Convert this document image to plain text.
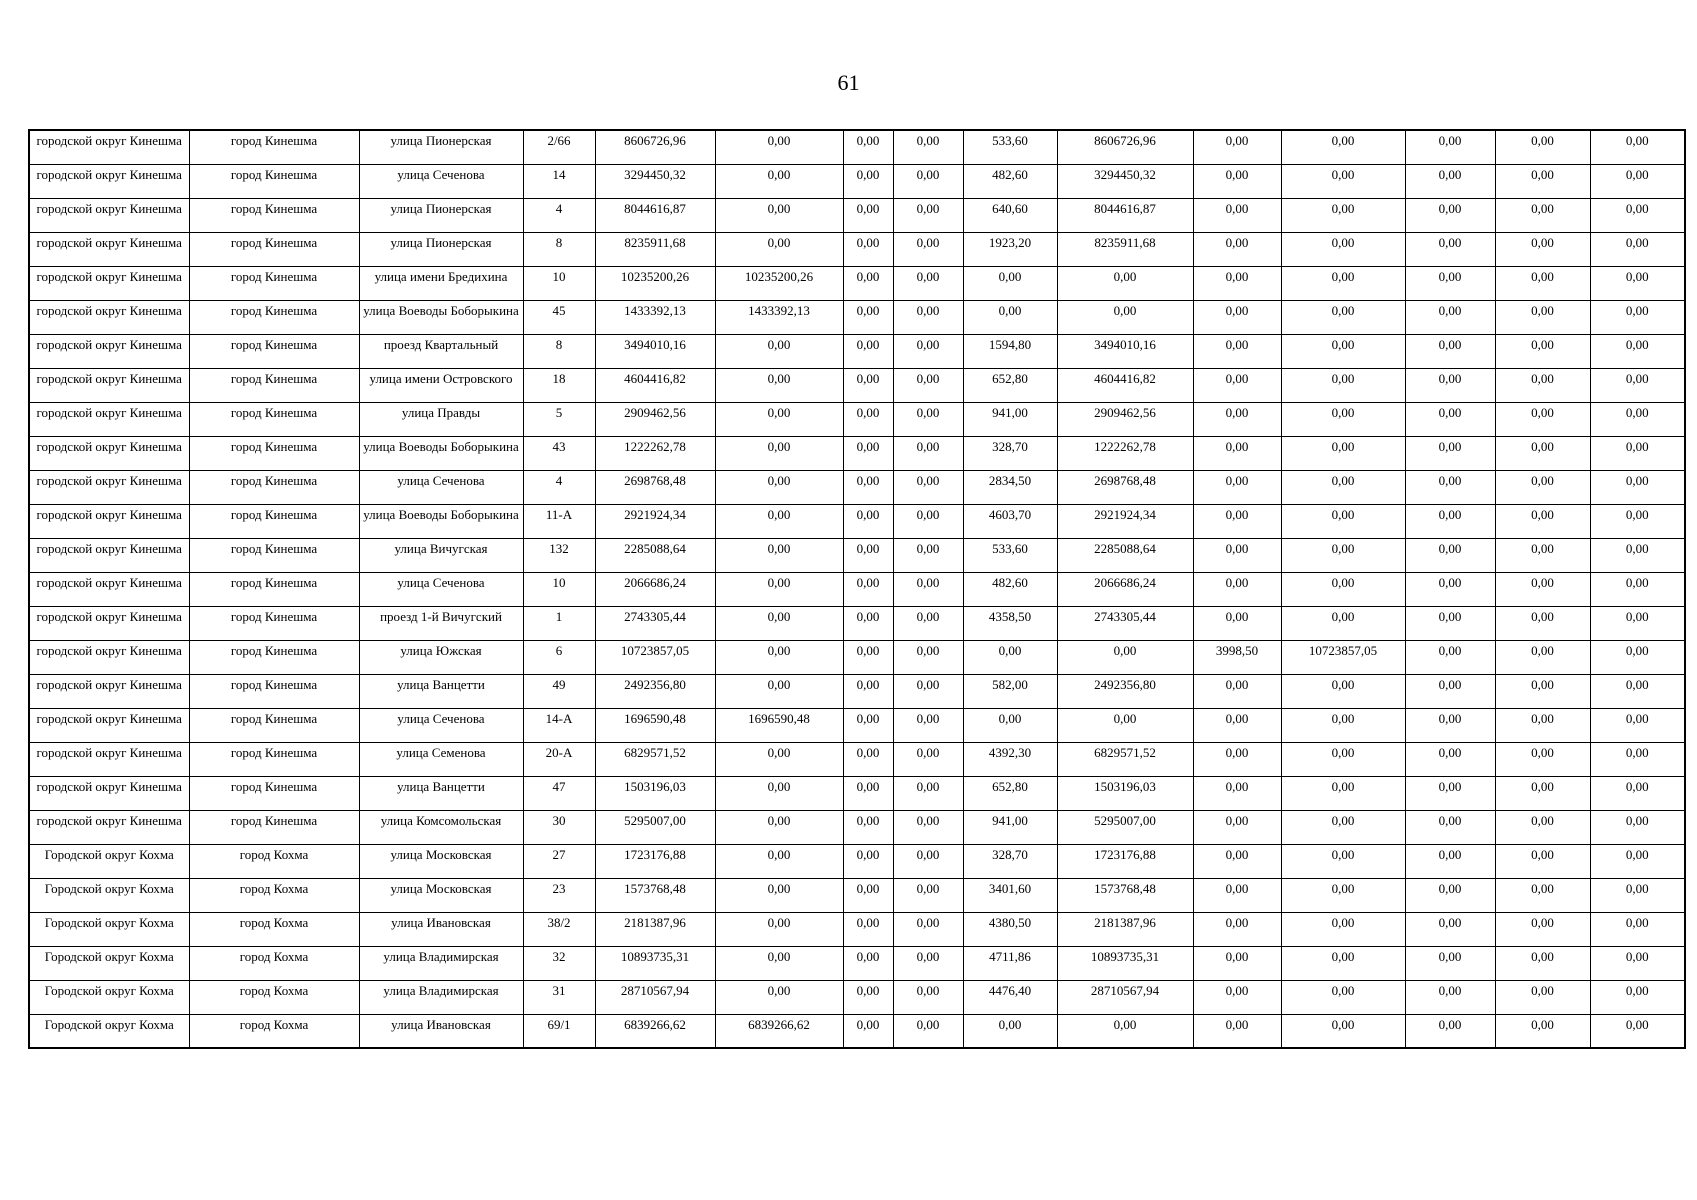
61
городской округ Кинешма	город Кинешма	улица Пионерская	2/66	8606726,96	0,00	0,00	0,00	533,60	8606726,96	0,00	0,00	0,00	0,00	0,00
городской округ Кинешма	город Кинешма	улица Сеченова	14	3294450,32	0,00	0,00	0,00	482,60	3294450,32	0,00	0,00	0,00	0,00	0,00
городской округ Кинешма	город Кинешма	улица Пионерская	4	8044616,87	0,00	0,00	0,00	640,60	8044616,87	0,00	0,00	0,00	0,00	0,00
городской округ Кинешма	город Кинешма	улица Пионерская	8	8235911,68	0,00	0,00	0,00	1923,20	8235911,68	0,00	0,00	0,00	0,00	0,00
городской округ Кинешма	город Кинешма	улица имени Бредихина	10	10235200,26	10235200,26	0,00	0,00	0,00	0,00	0,00	0,00	0,00	0,00	0,00
городской округ Кинешма	город Кинешма	улица Воеводы Боборыкина	45	1433392,13	1433392,13	0,00	0,00	0,00	0,00	0,00	0,00	0,00	0,00	0,00
городской округ Кинешма	город Кинешма	проезд Квартальный	8	3494010,16	0,00	0,00	0,00	1594,80	3494010,16	0,00	0,00	0,00	0,00	0,00
городской округ Кинешма	город Кинешма	улица имени Островского	18	4604416,82	0,00	0,00	0,00	652,80	4604416,82	0,00	0,00	0,00	0,00	0,00
городской округ Кинешма	город Кинешма	улица Правды	5	2909462,56	0,00	0,00	0,00	941,00	2909462,56	0,00	0,00	0,00	0,00	0,00
городской округ Кинешма	город Кинешма	улица Воеводы Боборыкина	43	1222262,78	0,00	0,00	0,00	328,70	1222262,78	0,00	0,00	0,00	0,00	0,00
городской округ Кинешма	город Кинешма	улица Сеченова	4	2698768,48	0,00	0,00	0,00	2834,50	2698768,48	0,00	0,00	0,00	0,00	0,00
городской округ Кинешма	город Кинешма	улица Воеводы Боборыкина	11-А	2921924,34	0,00	0,00	0,00	4603,70	2921924,34	0,00	0,00	0,00	0,00	0,00
городской округ Кинешма	город Кинешма	улица Вичугская	132	2285088,64	0,00	0,00	0,00	533,60	2285088,64	0,00	0,00	0,00	0,00	0,00
городской округ Кинешма	город Кинешма	улица Сеченова	10	2066686,24	0,00	0,00	0,00	482,60	2066686,24	0,00	0,00	0,00	0,00	0,00
городской округ Кинешма	город Кинешма	проезд 1-й Вичугский	1	2743305,44	0,00	0,00	0,00	4358,50	2743305,44	0,00	0,00	0,00	0,00	0,00
городской округ Кинешма	город Кинешма	улица Южская	6	10723857,05	0,00	0,00	0,00	0,00	0,00	3998,50	10723857,05	0,00	0,00	0,00
городской округ Кинешма	город Кинешма	улица Ванцетти	49	2492356,80	0,00	0,00	0,00	582,00	2492356,80	0,00	0,00	0,00	0,00	0,00
городской округ Кинешма	город Кинешма	улица Сеченова	14-А	1696590,48	1696590,48	0,00	0,00	0,00	0,00	0,00	0,00	0,00	0,00	0,00
городской округ Кинешма	город Кинешма	улица Семенова	20-А	6829571,52	0,00	0,00	0,00	4392,30	6829571,52	0,00	0,00	0,00	0,00	0,00
городской округ Кинешма	город Кинешма	улица Ванцетти	47	1503196,03	0,00	0,00	0,00	652,80	1503196,03	0,00	0,00	0,00	0,00	0,00
городской округ Кинешма	город Кинешма	улица Комсомольская	30	5295007,00	0,00	0,00	0,00	941,00	5295007,00	0,00	0,00	0,00	0,00	0,00
Городской округ Кохма	город Кохма	улица Московская	27	1723176,88	0,00	0,00	0,00	328,70	1723176,88	0,00	0,00	0,00	0,00	0,00
Городской округ Кохма	город Кохма	улица Московская	23	1573768,48	0,00	0,00	0,00	3401,60	1573768,48	0,00	0,00	0,00	0,00	0,00
Городской округ Кохма	город Кохма	улица Ивановская	38/2	2181387,96	0,00	0,00	0,00	4380,50	2181387,96	0,00	0,00	0,00	0,00	0,00
Городской округ Кохма	город Кохма	улица Владимирская	32	10893735,31	0,00	0,00	0,00	4711,86	10893735,31	0,00	0,00	0,00	0,00	0,00
Городской округ Кохма	город Кохма	улица Владимирская	31	28710567,94	0,00	0,00	0,00	4476,40	28710567,94	0,00	0,00	0,00	0,00	0,00
Городской округ Кохма	город Кохма	улица Ивановская	69/1	6839266,62	6839266,62	0,00	0,00	0,00	0,00	0,00	0,00	0,00	0,00	0,00
